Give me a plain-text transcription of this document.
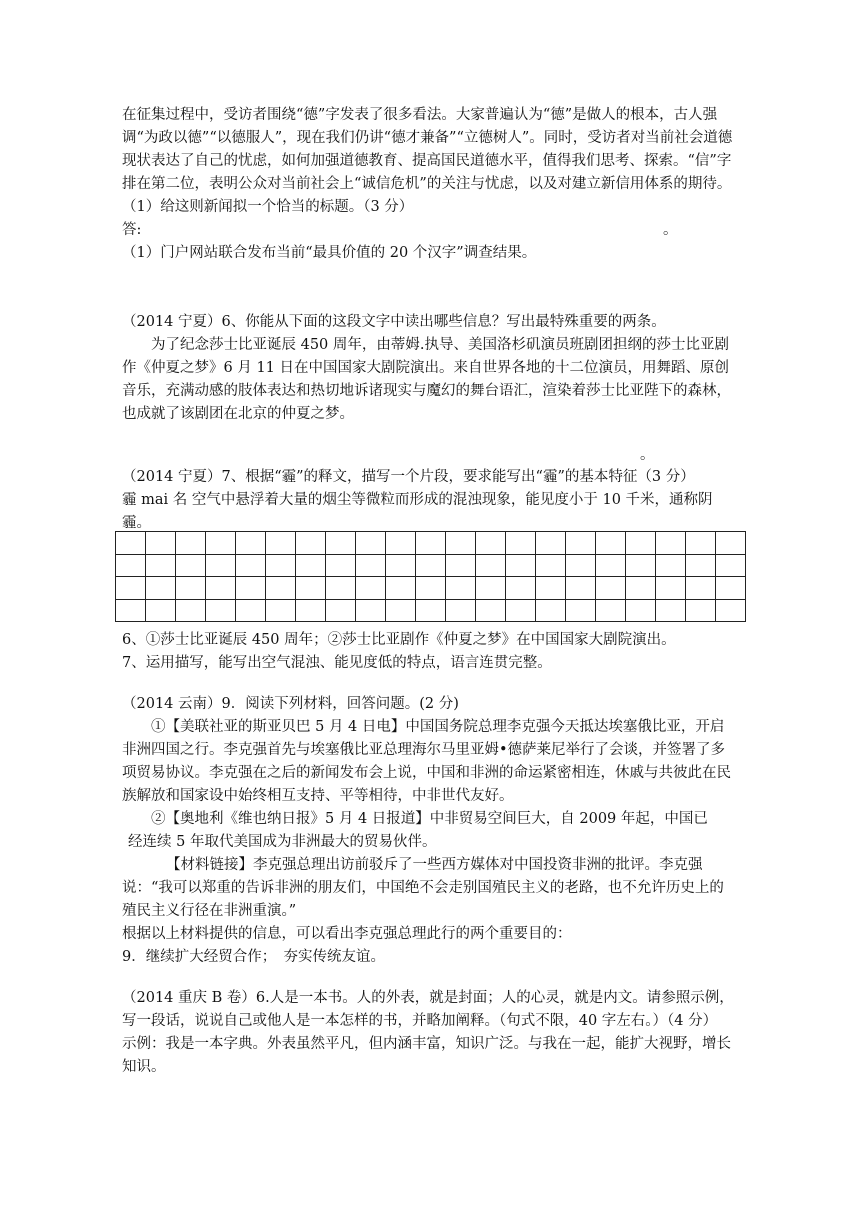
在征集过程中，受访者围绕“德”字发表了很多看法。大家普遍认为“德”是做人的根本，古人强调“为政以德”“以德服人”，现在我们仍讲“德才兼备”“立德树人”。同时，受访者对当前社会道德现状表达了自己的忧虑，如何加强道德教育、提高国民道德水平，值得我们思考、探索。“信”字排在第二位，表明公众对当前社会上“诚信危机”的关注与忧虑，以及对建立新信用体系的期待。

（1）给这则新闻拟一个恰当的标题。（3 分）

答:	。

（1）门户网站联合发布当前“最具价值的 20 个汉字”调查结果。

（2014 宁夏）6、你能从下面的这段文字中读出哪些信息？写出最特殊重要的两条。

为了纪念莎士比亚诞辰 450 周年，由蒂姆.执导、美国洛杉矶演员班剧团担纲的莎士比亚剧作《仲夏之梦》6 月 11 日在中国国家大剧院演出。来自世界各地的十二位演员，用舞蹈、原创音乐，充满动感的肢体表达和热切地诉诸现实与魔幻的舞台语汇，渲染着莎士比亚陛下的森林，也成就了该剧团在北京的仲夏之梦。

。

（2014 宁夏）7、根据“霾”的释文，描写一个片段，要求能写出“霾”的基本特征（3 分）

霾 mai 名 空气中悬浮着大量的烟尘等微粒而形成的混浊现象，能见度小于 10 千米，通称阴霾。

6、①莎士比亚诞辰 450 周年；②莎士比亚剧作《仲夏之梦》在中国国家大剧院演出。

7、运用描写，能写出空气混浊、能见度低的特点，语言连贯完整。

（2014 云南）9．阅读下列材料，回答问题。(2 分)

①【美联社亚的斯亚贝巴 5 月 4 日电】中国国务院总理李克强今天抵达埃塞俄比亚，开启非洲四国之行。李克强首先与埃塞俄比亚总理海尔马里亚姆•德萨莱尼举行了会谈，并签署了多项贸易协议。李克强在之后的新闻发布会上说，中国和非洲的命运紧密相连，休戚与共彼此在民族解放和国家设中始终相互支持、平等相待，中非世代友好。

②【奥地利《维也纳日报》5 月 4 日报道】中非贸易空间巨大，自 2009 年起，中国已

经连续 5 年取代美国成为非洲最大的贸易伙伴。

【材料链接】李克强总理出访前驳斥了一些西方媒体对中国投资非洲的批评。李克强说：“我可以郑重的告诉非洲的朋友们，中国绝不会走别国殖民主义的老路，也不允许历史上的殖民主义行径在非洲重演。”

根据以上材料提供的信息，可以看出李克强总理此行的两个重要目的：

9．继续扩大经贸合作；　夯实传统友谊。

（2014 重庆 B 卷）6.人是一本书。人的外表，就是封面；人的心灵，就是内文。请参照示例，写一段话，说说自己或他人是一本怎样的书，并略加阐释。（句式不限，40 字左右。）（4 分）

示例：我是一本字典。外表虽然平凡，但内涵丰富，知识广泛。与我在一起，能扩大视野，增长知识。
